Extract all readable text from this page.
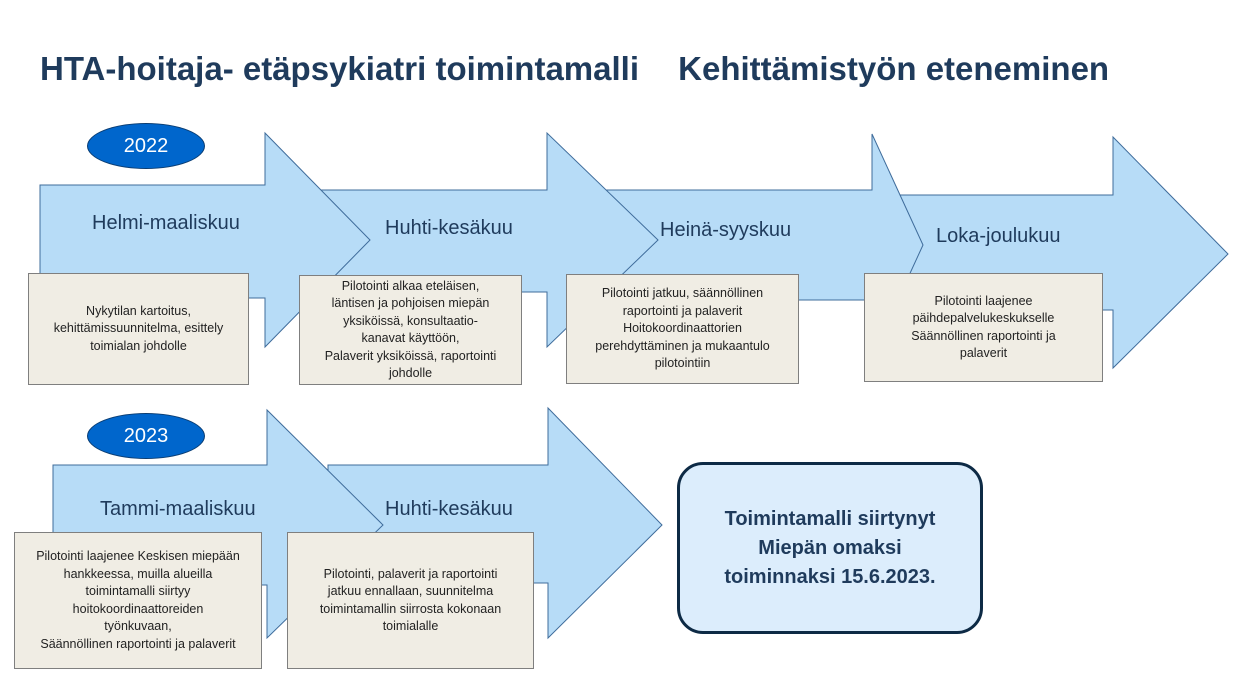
HTA-hoitaja- etäpsykiatri toimintamalli Kehittämistyön eteneminen
2022
2023
Helmi-maaliskuu	Huhti-kesäkuu	Heinä-syyskuu	Loka-joulukuu
Tammi-maaliskuu	Huhti-kesäkuu
Nykytilan kartoitus,
kehittämissuunnitelma, esittely
toimialan johdolle
Pilotointi alkaa eteläisen,
läntisen ja pohjoisen miepän
yksiköissä, konsultaatio-
kanavat käyttöön,
Palaverit yksiköissä, raportointi
johdolle
Pilotointi jatkuu, säännöllinen
raportointi ja palaverit
Hoitokoordinaattorien
perehdyttäminen ja mukaantulo
pilotointiin
Pilotointi laajenee
päihdepalvelukeskukselle
Säännöllinen raportointi ja
palaverit
Pilotointi laajenee Keskisen miepään
hankkeessa, muilla alueilla
toimintamalli siirtyy
hoitokoordinaattoreiden
työnkuvaan,
Säännöllinen raportointi ja palaverit
Pilotointi, palaverit ja raportointi
jatkuu ennallaan, suunnitelma
toimintamallin siirrosta kokonaan
toimialalle
Toimintamalli siirtynyt
Miepän omaksi
toiminnaksi 15.6.2023.
